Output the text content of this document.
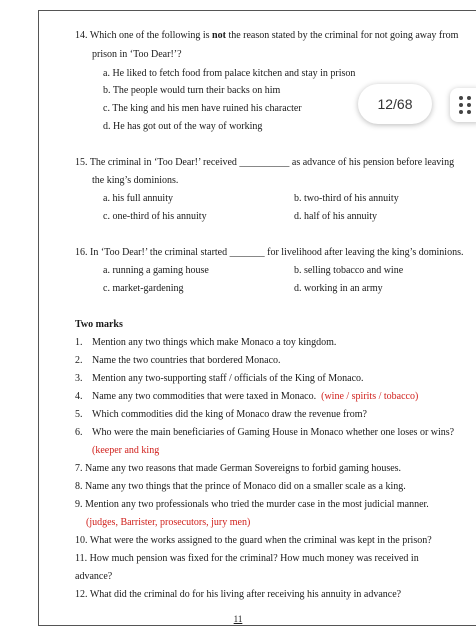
14. Which one of the following is not the reason stated by the criminal for not going away from
prison in ‘Too Dear!’?
a. He liked to fetch food from palace kitchen and stay in prison
b. The people would turn their backs on him
c. The king and his men have ruined his character
d. He has got out of the way of working
15. The criminal in ‘Too Dear!’ received __________ as advance of his pension before leaving
the king’s dominions.
a. his full annuity	b. two-third of his annuity
c. one-third of his annuity	d. half of his annuity
16. In ‘Too Dear!’ the criminal started _______ for livelihood after leaving the king’s dominions.
a. running a gaming house	b. selling tobacco and wine
c. market-gardening	d. working in an army
Two marks
1. Mention any two things which make Monaco a toy kingdom.
2. Name the two countries that bordered Monaco.
3. Mention any two-supporting staff / officials of the King of Monaco.
4. Name any two commodities that were taxed in Monaco. (wine / spirits / tobacco)
5. Which commodities did the king of Monaco draw the revenue from?
6. Who were the main beneficiaries of Gaming House in Monaco whether one loses or wins?
(keeper and king
7. Name any two reasons that made German Sovereigns to forbid gaming houses.
8. Name any two things that the prince of Monaco did on a smaller scale as a king.
9. Mention any two professionals who tried the murder case in the most judicial manner.
(judges, Barrister, prosecutors, jury men)
10. What were the works assigned to the guard when the criminal was kept in the prison?
11. How much pension was fixed for the criminal? How much money was received in
advance?
12. What did the criminal do for his living after receiving his annuity in advance?
11
12/68
